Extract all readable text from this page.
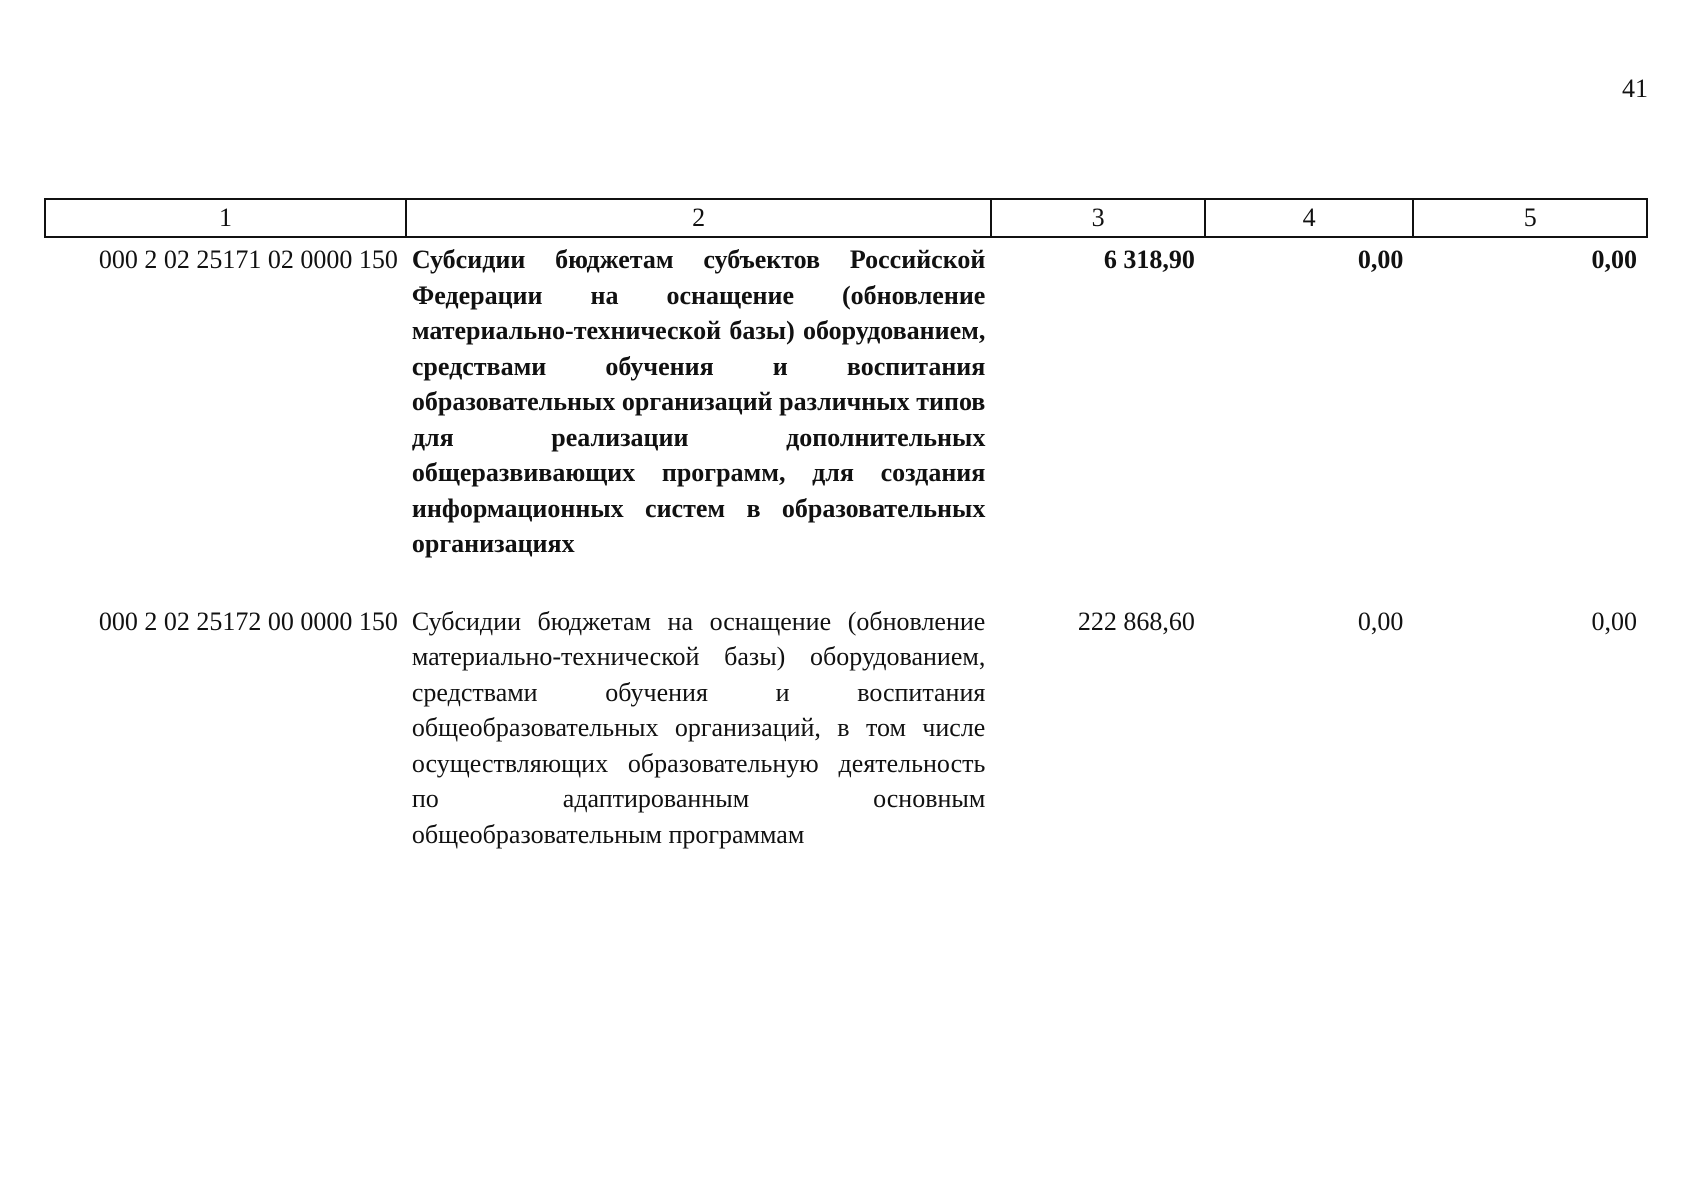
41
1	2	3	4	5
000 2 02 25171 02 0000 150	Субсидии бюджетам субъектов Российской Федерации на оснащение (обновление материально-технической базы) оборудованием, средствами обучения и воспитания образовательных организаций различных типов для реализации дополнительных общеразвивающих программ, для создания информационных систем в образовательных организациях	6 318,90	0,00	0,00
000 2 02 25172 00 0000 150	Субсидии бюджетам на оснащение (обновление материально-технической базы) оборудованием, средствами обучения и воспитания общеобразовательных организаций, в том числе осуществляющих образовательную деятельность по адаптированным основным общеобразовательным программам	222 868,60	0,00	0,00
